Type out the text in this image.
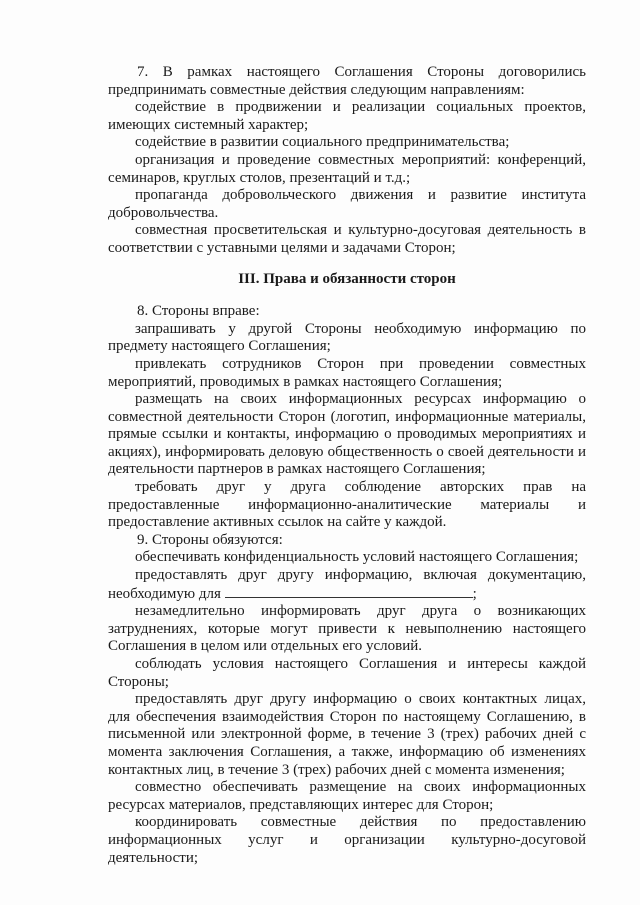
7. В рамках настоящего Соглашения Стороны договорились предпринимать совместные действия следующим направлениям:

содействие в продвижении и реализации социальных проектов, имеющих системный характер;

содействие в развитии социального предпринимательства;

организация и проведение совместных мероприятий: конференций, семинаров, круглых столов, презентаций и т.д.;

пропаганда добровольческого движения и развитие института добровольчества.

совместная просветительская и культурно-досуговая деятельность в соответствии с уставными целями и задачами Сторон;

III. Права и обязанности сторон

8. Стороны вправе:

запрашивать у другой Стороны необходимую информацию по предмету настоящего Соглашения;

привлекать сотрудников Сторон при проведении совместных мероприятий, проводимых в рамках настоящего Соглашения;

размещать на своих информационных ресурсах информацию о совместной деятельности Сторон (логотип, информационные материалы, прямые ссылки и контакты, информацию о проводимых мероприятиях и акциях), информировать деловую общественность о своей деятельности и деятельности партнеров в рамках настоящего Соглашения;

требовать друг у друга соблюдение авторских прав на предоставленные информационно-аналитические материалы и предоставление активных ссылок на сайте у каждой.

9. Стороны обязуются:

обеспечивать конфиденциальность условий настоящего Соглашения;

предоставлять друг другу информацию, включая документацию, необходимую для	;

незамедлительно информировать друг друга о возникающих затруднениях, которые могут привести к невыполнению настоящего Соглашения в целом или отдельных его условий.

соблюдать условия настоящего Соглашения и интересы каждой Стороны;

предоставлять друг другу информацию о своих контактных лицах, для обеспечения взаимодействия Сторон по настоящему Соглашению, в письменной или электронной форме, в течение 3 (трех) рабочих дней с момента заключения Соглашения, а также, информацию об изменениях контактных лиц, в течение 3 (трех) рабочих дней с момента изменения;

совместно обеспечивать размещение на своих информационных ресурсах материалов, представляющих интерес для Сторон;

координировать совместные действия по предоставлению информационных услуг и организации культурно-досуговой деятельности;
